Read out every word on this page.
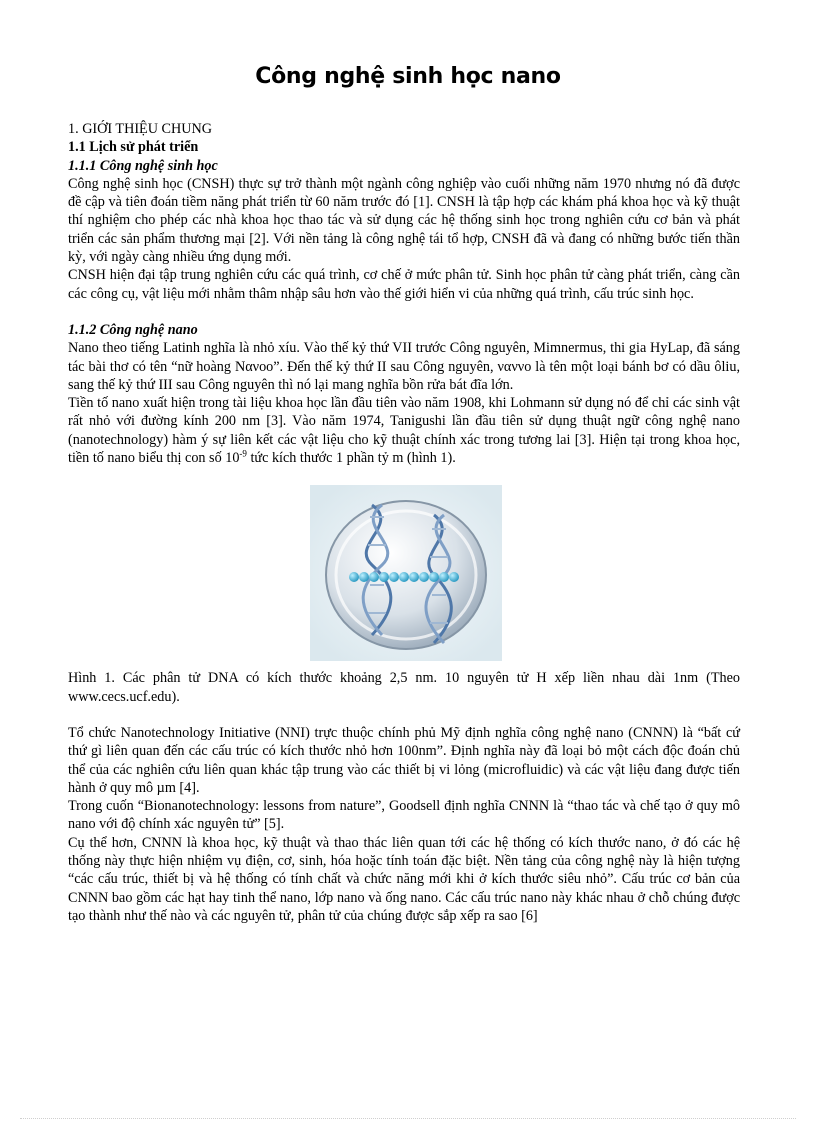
Công nghệ sinh học nano

1. GIỚI THIỆU CHUNG

1.1 Lịch sử phát triển

1.1.1 Công nghệ sinh học

Công nghệ sinh học (CNSH) thực sự trở thành một ngành công nghiệp vào cuối những năm 1970 nhưng nó đã được đề cập và tiên đoán tiềm năng phát triển từ 60 năm trước đó [1]. CNSH là tập hợp các khám phá khoa học và kỹ thuật thí nghiệm cho phép các nhà khoa học thao tác và sử dụng các hệ thống sinh học trong nghiên cứu cơ bản và phát triển các sản phẩm thương mại [2]. Với nền tảng là công nghệ tái tổ hợp, CNSH đã và đang có những bước tiến thần kỳ, với ngày càng nhiều ứng dụng mới.

CNSH hiện đại tập trung nghiên cứu các quá trình, cơ chế ở mức phân tử. Sinh học phân tử càng phát triển, càng cần các công cụ, vật liệu mới nhằm thâm nhập sâu hơn vào thế giới hiển vi của những quá trình, cấu trúc sinh học.

1.1.2 Công nghệ nano

Nano theo tiếng Latinh nghĩa là nhỏ xíu. Vào thế kỷ thứ VII trước Công nguyên, Mimnermus, thi gia HyLap, đã sáng tác bài thơ có tên “nữ hoàng Nανοο”. Đến thế kỷ thứ II sau Công nguyên, ναννο là tên một loại bánh bơ có dầu ôliu, sang thế kỷ thứ III sau Công nguyên thì nó lại mang nghĩa bồn rửa bát đĩa lớn.

Tiền tố nano xuất hiện trong tài liệu khoa học lần đầu tiên vào năm 1908, khi Lohmann sử dụng nó để chỉ các sinh vật rất nhỏ với đường kính 200 nm [3]. Vào năm 1974, Tanigushi lần đầu tiên sử dụng thuật ngữ công nghệ nano (nanotechnology) hàm ý sự liên kết các vật liệu cho kỹ thuật chính xác trong tương lai [3]. Hiện tại trong khoa học, tiền tố nano biểu thị con số $10^{-9}$ tức kích thước 1 phần tỷ m (hình 1).

Hình 1. Các phân tử DNA có kích thước khoảng 2,5 nm. 10 nguyên tử H xếp liền nhau dài 1nm (Theo www.cecs.ucf.edu).

Tổ chức Nanotechnology Initiative (NNI) trực thuộc chính phủ Mỹ định nghĩa công nghệ nano (CNNN) là “bất cứ thứ gì liên quan đến các cấu trúc có kích thước nhỏ hơn 100nm”. Định nghĩa này đã loại bỏ một cách độc đoán chủ thể của các nghiên cứu liên quan khác tập trung vào các thiết bị vi lỏng (microfluidic) và các vật liệu đang được tiến hành ở quy mô µm [4].

Trong cuốn “Bionanotechnology: lessons from nature”, Goodsell định nghĩa CNNN là “thao tác và chế tạo ở quy mô nano với độ chính xác nguyên tử” [5].

Cụ thể hơn, CNNN là khoa học, kỹ thuật và thao thác liên quan tới các hệ thống có kích thước nano, ở đó các hệ thống này thực hiện nhiệm vụ điện, cơ, sinh, hóa hoặc tính toán đặc biệt. Nền tảng của công nghệ này là hiện tượng “các cấu trúc, thiết bị và hệ thống có tính chất và chức năng mới khi ở kích thước siêu nhỏ”. Cấu trúc cơ bản của CNNN bao gồm các hạt hay tinh thể nano, lớp nano và ống nano. Các cấu trúc nano này khác nhau ở chỗ chúng được tạo thành như thế nào và các nguyên tử, phân tử của chúng được sắp xếp ra sao [6]
